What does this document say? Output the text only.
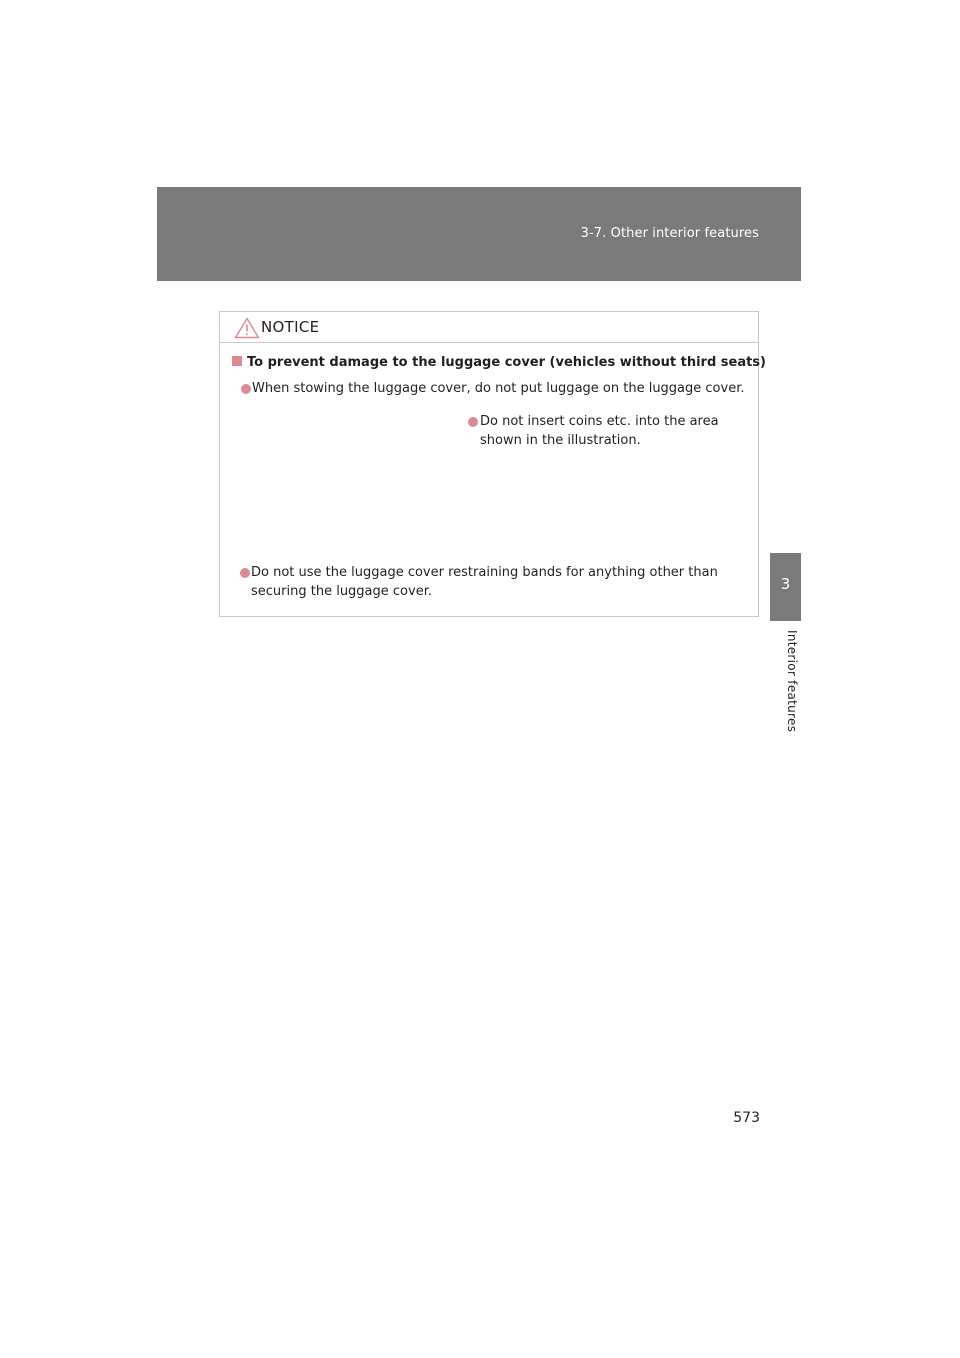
3-7. Other interior features
3
Interior features
NOTICE
To prevent damage to the luggage cover (vehicles without third seats)
When stowing the luggage cover, do not put luggage on the luggage cover.
Do not insert coins etc. into the area shown in the illustration.
Do not use the luggage cover restraining bands for anything other than securing the luggage cover.
573
